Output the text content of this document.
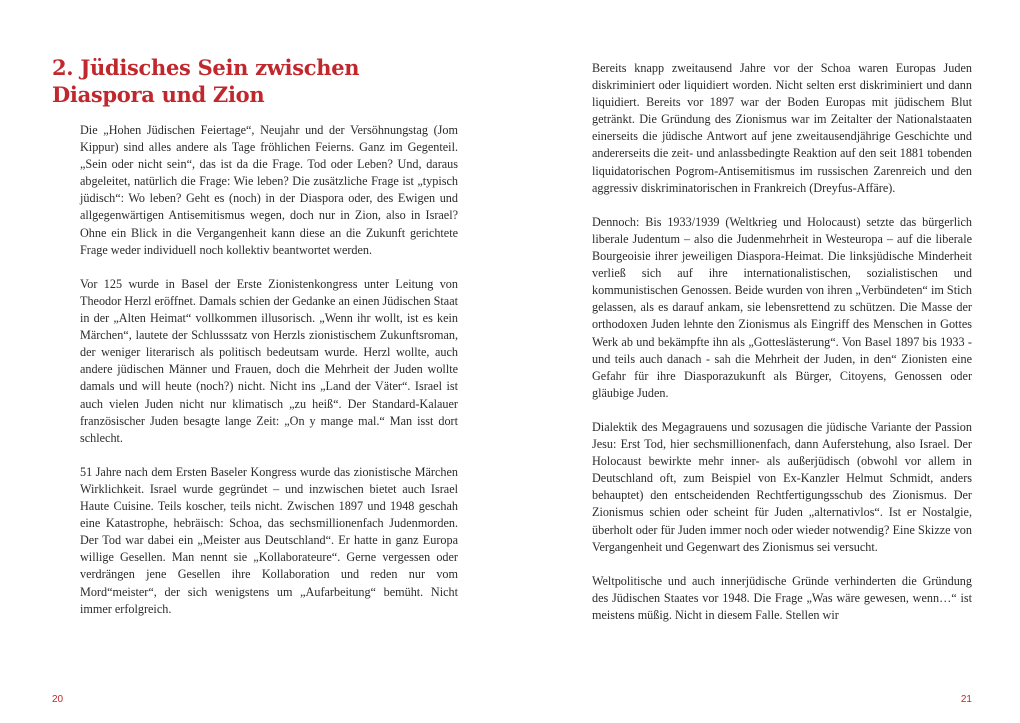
2. Jüdisches Sein zwischen
Diaspora und Zion

Die „Hohen Jüdischen Feiertage“, Neujahr und der Versöhnungstag (Jom Kippur) sind alles andere als Tage fröhlichen Feierns. Ganz im Gegenteil. „Sein oder nicht sein“, das ist da die Frage. Tod oder Leben? Und, daraus abgeleitet, natürlich die Frage: Wie leben? Die zusätzliche Frage ist „typisch jüdisch“: Wo leben? Geht es (noch) in der Diaspora oder, des Ewigen und allgegenwärtigen Antisemitismus wegen, doch nur in Zion, also in Israel? Ohne ein Blick in die Vergangenheit kann diese an die Zukunft gerichtete Frage weder individuell noch kollektiv beantwortet werden.

Vor 125 wurde in Basel der Erste Zionistenkongress unter Leitung von Theodor Herzl eröffnet. Damals schien der Gedanke an einen Jüdischen Staat in der „Alten Heimat“ vollkommen illusorisch. „Wenn ihr wollt, ist es kein Märchen“, lautete der Schlusssatz von Herzls zionistischem Zukunftsroman, der weniger literarisch als politisch bedeutsam wurde. Herzl wollte, auch andere jüdischen Männer und Frauen, doch die Mehrheit der Juden wollte damals und will heute (noch?) nicht. Nicht ins „Land der Väter“. Israel ist auch vielen Juden nicht nur klimatisch „zu heiß“. Der Standard-Kalauer französischer Juden besagte lange Zeit: „On y mange mal.“ Man isst dort schlecht.

51 Jahre nach dem Ersten Baseler Kongress wurde das zionistische Märchen Wirklichkeit. Israel wurde gegründet – und inzwischen bietet auch Israel Haute Cuisine. Teils koscher, teils nicht. Zwischen 1897 und 1948 geschah eine Katastrophe, hebräisch: Schoa, das sechsmillionenfach Judenmorden. Der Tod war dabei ein „Meister aus Deutschland“. Er hatte in ganz Europa willige Gesellen. Man nennt sie „Kollaborateure“. Gerne vergessen oder verdrängen jene Gesellen ihre Kollaboration und reden nur vom Mord“meister“, der sich wenigstens um „Aufarbeitung“ bemüht. Nicht immer erfolgreich.

20

Bereits knapp zweitausend Jahre vor der Schoa waren Europas Juden diskriminiert oder liquidiert worden. Nicht selten erst diskriminiert und dann liquidiert. Bereits vor 1897 war der Boden Europas mit jüdischem Blut getränkt. Die Gründung des Zionismus war im Zeitalter der Nationalstaaten einerseits die jüdische Antwort auf jene zweitausendjährige Geschichte und andererseits die zeit- und anlassbedingte Reaktion auf den seit 1881 tobenden liquidatorischen Pogrom-Antisemitismus im russischen Zarenreich und den aggressiv diskriminatorischen in Frankreich (Dreyfus-Affäre).

Dennoch: Bis 1933/1939 (Weltkrieg und Holocaust) setzte das bürgerlich liberale Judentum – also die Judenmehrheit in Westeuropa – auf die liberale Bourgeoisie ihrer jeweiligen Diaspora-Heimat. Die linksjüdische Minderheit verließ sich auf ihre internationalistischen, sozialistischen und kommunistischen Genossen. Beide wurden von ihren „Verbündeten“ im Stich gelassen, als es darauf ankam, sie lebensrettend zu schützen. Die Masse der orthodoxen Juden lehnte den Zionismus als Eingriff des Menschen in Gottes Werk ab und bekämpfte ihn als „Gotteslästerung“. Von Basel 1897 bis 1933 - und teils auch danach - sah die Mehrheit der Juden, in den“ Zionisten eine Gefahr für ihre Diasporazukunft als Bürger, Citoyens, Genossen oder gläubige Juden.

Dialektik des Megagrauens und sozusagen die jüdische Variante der Passion Jesu: Erst Tod, hier sechsmillionenfach, dann Auferstehung, also Israel. Der Holocaust bewirkte mehr inner- als außerjüdisch (obwohl vor allem in Deutschland oft, zum Beispiel von Ex-Kanzler Helmut Schmidt, anders behauptet) den entscheidenden Rechtfertigungsschub des Zionismus. Der Zionismus schien oder scheint für Juden „alternativlos“. Ist er Nostalgie, überholt oder für Juden immer noch oder wieder notwendig? Eine Skizze von Vergangenheit und Gegenwart des Zionismus sei versucht.

Weltpolitische und auch innerjüdische Gründe verhinderten die Gründung des Jüdischen Staates vor 1948. Die Frage „Was wäre gewesen, wenn…“ ist meistens müßig. Nicht in diesem Falle. Stellen wir

21
